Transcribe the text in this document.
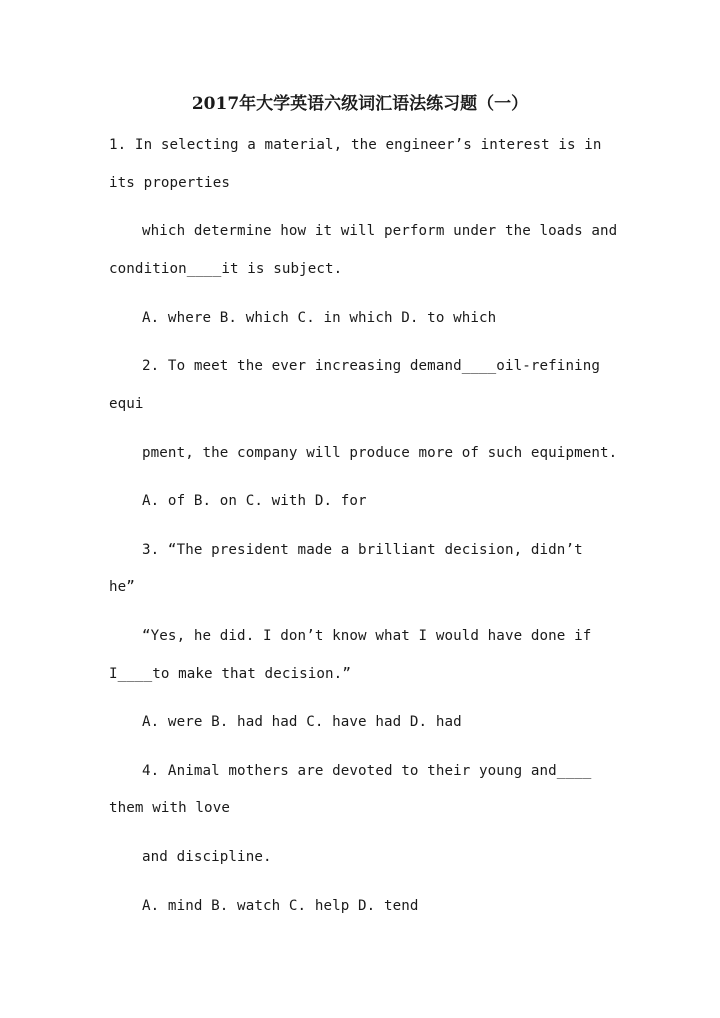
2017年大学英语六级词汇语法练习题（一）
1. In selecting a material, the engineer’s interest is in
its properties
which determine how it will perform under the loads and
condition____it is subject.
A. where B. which C. in which D. to which
2. To meet the ever increasing demand____oil-refining
equi
pment, the company will produce more of such equipment.
A. of B. on C. with D. for
3. “The president made a brilliant decision, didn’t
he”
“Yes, he did. I don’t know what I would have done if
I____to make that decision.”
A. were B. had had C. have had D. had
4. Animal mothers are devoted to their young and____
them with love
and discipline.
A. mind B. watch C. help D. tend
